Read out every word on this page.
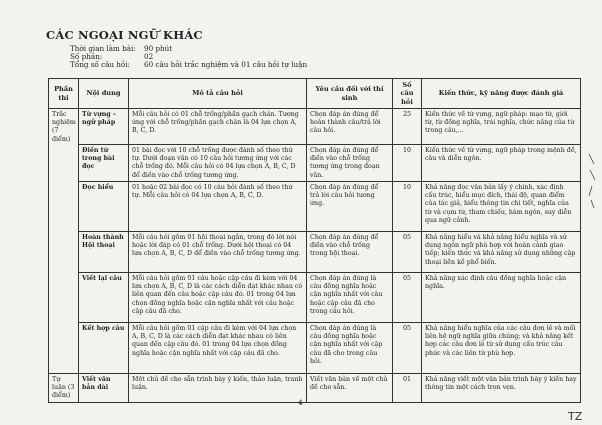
CÁC NGOẠI NGỮ KHÁC
Thời gian làm bài: 90 phút
Số phần:	02
Tổng số câu hỏi: 60 câu hỏi trắc nghiệm và 01 câu hỏi tự luận
Phần thi	Nội dung	Mô tả câu hỏi	Yêu cầu đối với thí sinh	Số câu hỏi	Kiến thức, kỹ năng được đánh giá
Trắc nghiệm (7 điểm)	Từ vựng – ngữ pháp	Mỗi câu hỏi có 01 chỗ trống/phần gạch chân. Tương ứng với chỗ trống/phần gạch chân là 04 lựa chọn A, B, C, D.	Chọn đáp án đúng để hoàn thành câu/trả lời câu hỏi.	25	Kiến thức về từ vựng, ngữ pháp: mạo từ, giới từ, từ đồng nghĩa, trái nghĩa, chức năng của từ trong câu,...
	Điền từ trong bài đọc	01 bài đọc với 10 chỗ trống được đánh số theo thứ tự. Dưới đoạn văn có 10 câu hỏi tương ứng với các chỗ trống đó. Mỗi câu hỏi có 04 lựa chọn A, B, C, D để điền vào chỗ trống tương ứng.	Chọn đáp án đúng để điền vào chỗ trống tương ứng trong đoạn văn.	10	Kiến thức về từ vựng, ngữ pháp trong mệnh đề, câu và diễn ngôn.
	Đọc hiểu	01 hoặc 02 bài đọc có 10 câu hỏi đánh số theo thứ tự. Mỗi câu hỏi có 04 lựa chọn A, B, C, D.	Chọn đáp án đúng để trả lời câu hỏi tương ứng.	10	Khả năng đọc văn bản lấy ý chính, xác định cấu trúc, hiểu mục đích, thái độ, quan điểm của tác giả, hiểu thông tin chi tiết, nghĩa của từ và cụm từ, tham chiếu, hàm ngôn, suy diễn qua ngữ cảnh.
	Hoàn thành Hội thoại	Mỗi câu hỏi gồm 01 hội thoại ngắn, trong đó lời nói hoặc lời đáp có 01 chỗ trống. Dưới hội thoại có 04 lựa chọn A, B, C, D để điền vào chỗ trống tương ứng.	Chọn đáp án đúng để điền vào chỗ trống trong hội thoại.	05	Khả năng hiểu và khả năng hiểu nghĩa và sử dụng ngôn ngữ phù hợp với hoàn cảnh giao tiếp; kiến thức và khả năng sử dụng những cặp thoại liền kề phổ biến.
	Viết lại câu	Mỗi câu hỏi gồm 01 câu hoặc cặp câu đi kèm với 04 lựa chọn A, B, C, D là các cách diễn đạt khác nhau có liên quan đến câu hoặc cặp câu đó. 01 trong 04 lựa chọn đồng nghĩa hoặc cận nghĩa nhất với câu hoặc cặp câu đã cho.	Chọn đáp án đúng là câu đồng nghĩa hoặc cận nghĩa nhất với câu hoặc cặp câu đã cho trong câu hỏi.	05	Khả năng xác định câu đồng nghĩa hoặc cận nghĩa.
	Kết hợp câu	Mỗi câu hỏi gồm 01 cặp câu đi kèm với 04 lựa chọn A, B, C, D là các cách diễn đạt khác nhau có liên quan đến cặp câu đó. 01 trong 04 lựa chọn đồng nghĩa hoặc cận nghĩa nhất với cặp câu đã cho.	Chọn đáp án đúng là câu đồng nghĩa hoặc cận nghĩa nhất với cặp câu đã cho trong câu hỏi.	05	Khả năng hiểu nghĩa của các câu đơn lẻ và mối liên hệ ngữ nghĩa giữa chúng; và khả năng kết hợp các câu đơn lẻ từ sử dụng cấu trúc câu phức và các liên từ phù hợp.
Tự luận (3 điểm)	Viết văn bản dài	Một chủ đề cho sẵn trình bày ý kiến, thảo luận, tranh luận.	Viết văn bản về một chủ đề cho sẵn.	01	Khả năng viết một văn bản trình bày ý kiến hay thông tin một cách trọn vẹn.
4
TZ
